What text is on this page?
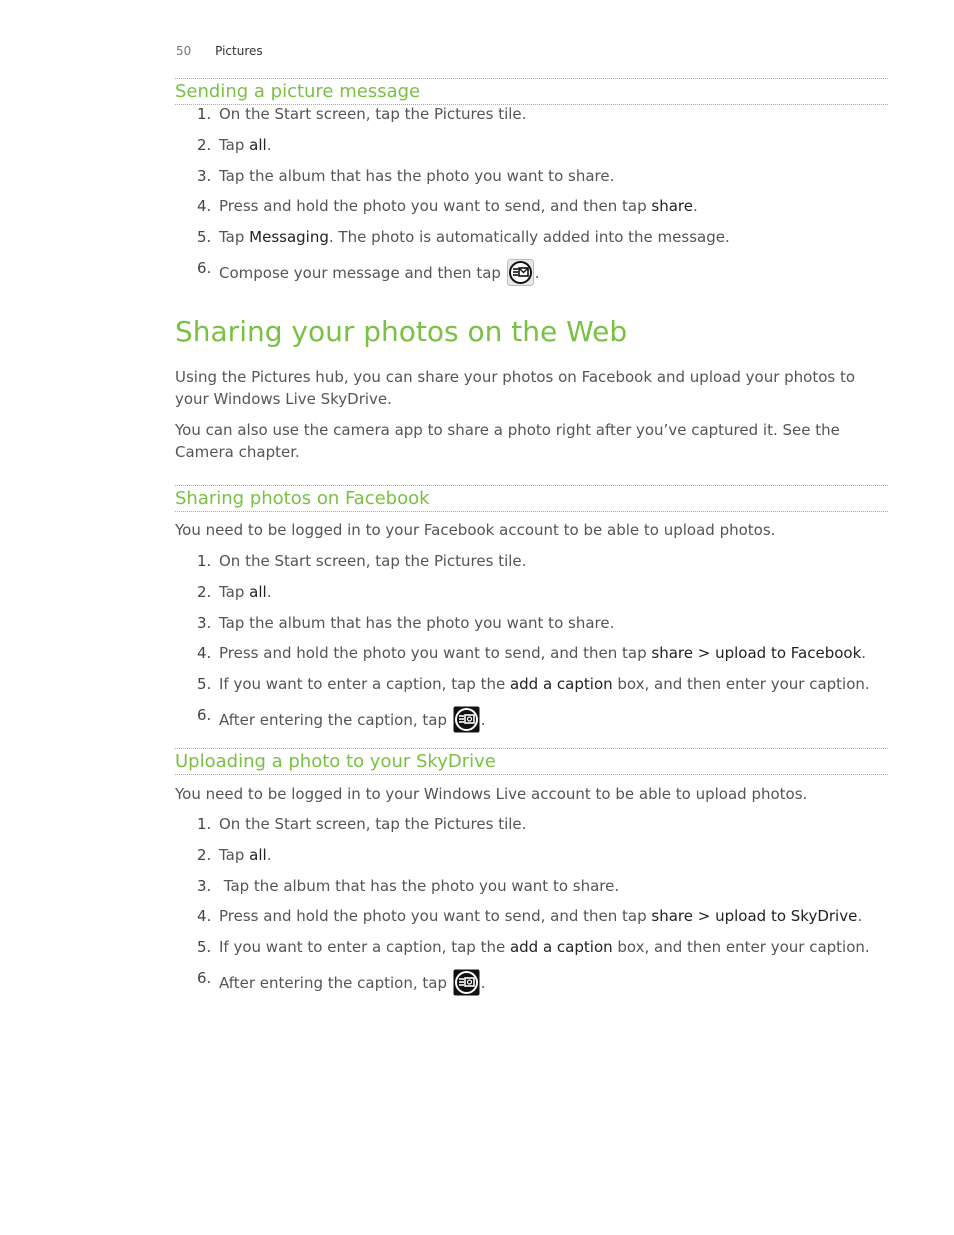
50 Pictures
Sending a picture message
1. On the Start screen, tap the Pictures tile.
2. Tap all.
3. Tap the album that has the photo you want to share.
4. Press and hold the photo you want to send, and then tap share.
5. Tap Messaging. The photo is automatically added into the message.
6. Compose your message and then tap
.
Sharing your photos on the Web
Using the Pictures hub, you can share your photos on Facebook and upload your photos to your Windows Live SkyDrive.
You can also use the camera app to share a photo right after you’ve captured it. See the Camera chapter.
Sharing photos on Facebook
You need to be logged in to your Facebook account to be able to upload photos.
1. On the Start screen, tap the Pictures tile.
2. Tap all.
3. Tap the album that has the photo you want to share.
4. Press and hold the photo you want to send, and then tap share > upload to Facebook.
5. If you want to enter a caption, tap the add a caption box, and then enter your caption.
6. After entering the caption, tap
.
Uploading a photo to your SkyDrive
You need to be logged in to your Windows Live account to be able to upload photos.
1. On the Start screen, tap the Pictures tile.
2. Tap all.
3. Tap the album that has the photo you want to share.
4. Press and hold the photo you want to send, and then tap share > upload to SkyDrive.
5. If you want to enter a caption, tap the add a caption box, and then enter your caption.
6. After entering the caption, tap
.
